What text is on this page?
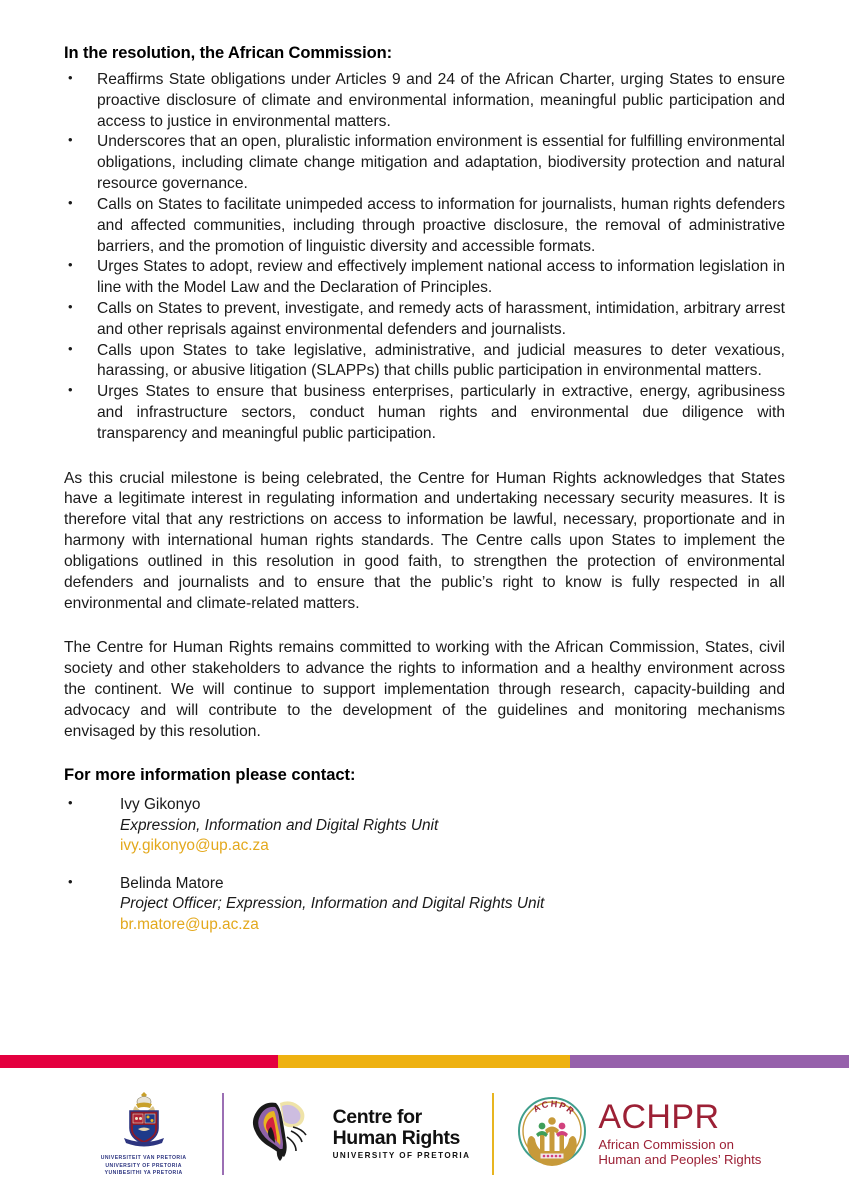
In the resolution, the African Commission:
• Reaffirms State obligations under Articles 9 and 24 of the African Charter, urging States to ensure proactive disclosure of climate and environmental information, meaningful public participation and access to justice in environmental matters.
• Underscores that an open, pluralistic information environment is essential for fulfilling environmental obligations, including climate change mitigation and adaptation, biodiversity protection and natural resource governance.
• Calls on States to facilitate unimpeded access to information for journalists, human rights defenders and affected communities, including through proactive disclosure, the removal of administrative barriers, and the promotion of linguistic diversity and accessible formats.
• Urges States to adopt, review and effectively implement national access to information legislation in line with the Model Law and the Declaration of Principles.
• Calls on States to prevent, investigate, and remedy acts of harassment, intimidation, arbitrary arrest and other reprisals against environmental defenders and journalists.
• Calls upon States to take legislative, administrative, and judicial measures to deter vexatious, harassing, or abusive litigation (SLAPPs) that chills public participation in environmental matters.
• Urges States to ensure that business enterprises, particularly in extractive, energy, agribusiness and infrastructure sectors, conduct human rights and environmental due diligence with transparency and meaningful public participation.

As this crucial milestone is being celebrated, the Centre for Human Rights acknowledges that States have a legitimate interest in regulating information and undertaking necessary security measures. It is therefore vital that any restrictions on access to information be lawful, necessary, proportionate and in harmony with international human rights standards. The Centre calls upon States to implement the obligations outlined in this resolution in good faith, to strengthen the protection of environmental defenders and journalists and to ensure that the public’s right to know is fully respected in all environmental and climate-related matters.

The Centre for Human Rights remains committed to working with the African Commission, States, civil society and other stakeholders to advance the rights to information and a healthy environment across the continent. We will continue to support implementation through research, capacity-building and advocacy and will contribute to the development of the guidelines and monitoring mechanisms envisaged by this resolution.

For more information please contact:
• Ivy Gikonyo
Expression, Information and Digital Rights Unit
ivy.gikonyo@up.ac.za
• Belinda Matore
Project Officer; Expression, Information and Digital Rights Unit
br.matore@up.ac.za
UNIVERSITEIT VAN PRETORIA
UNIVERSITY OF PRETORIA
YUNIBESITHI YA PRETORIA
Centre for
Human Rights
UNIVERSITY OF PRETORIA
ACHPR ACHPR
African Commission on
Human and Peoples’ Rights
